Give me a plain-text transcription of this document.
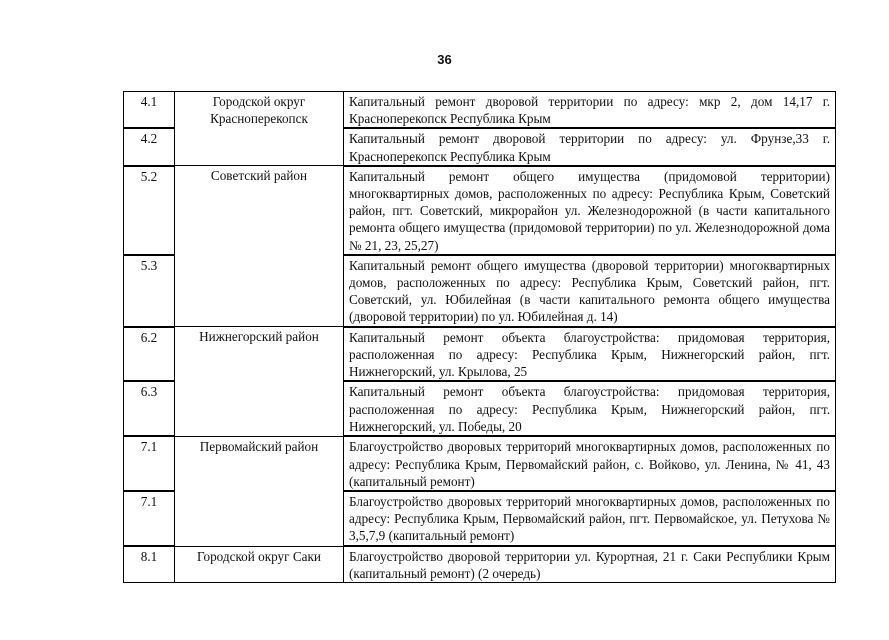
36
4.1	Городской округ Красноперекопск	Капитальный ремонт дворовой территории по адресу: мкр 2, дом 14,17 г. Красноперекопск Республика Крым
4.2		Капитальный ремонт дворовой территории по адресу: ул. Фрунзе,33 г. Красноперекопск Республика Крым
5.2	Советский район	Капитальный ремонт общего имущества (придомовой территории) многоквартирных домов, расположенных по адресу: Республика Крым, Советский район, пгт. Советский, микрорайон ул. Железнодорожной (в части капитального ремонта общего имущества (придомовой территории) по ул. Железнодорожной дома № 21, 23, 25,27)
5.3		Капитальный ремонт общего имущества (дворовой территории) многоквартирных домов, расположенных по адресу: Республика Крым, Советский район, пгт. Советский, ул. Юбилейная (в части капитального ремонта общего имущества (дворовой территории) по ул. Юбилейная д. 14)
6.2	Нижнегорский район	Капитальный ремонт объекта благоустройства: придомовая территория, расположенная по адресу: Республика Крым, Нижнегорский район, пгт. Нижнегорский, ул. Крылова, 25
6.3		Капитальный ремонт объекта благоустройства: придомовая территория, расположенная по адресу: Республика Крым, Нижнегорский район, пгт. Нижнегорский, ул. Победы, 20
7.1	Первомайский район	Благоустройство дворовых территорий многоквартирных домов, расположенных по адресу: Республика Крым, Первомайский район, с. Войково, ул. Ленина, № 41, 43 (капитальный ремонт)
7.1		Благоустройство дворовых территорий многоквартирных домов, расположенных по адресу: Республика Крым, Первомайский район, пгт. Первомайское, ул. Петухова № 3,5,7,9 (капитальный ремонт)
8.1	Городской округ Саки	Благоустройство дворовой территории ул. Курортная, 21 г. Саки Республики Крым (капитальный ремонт) (2 очередь)
